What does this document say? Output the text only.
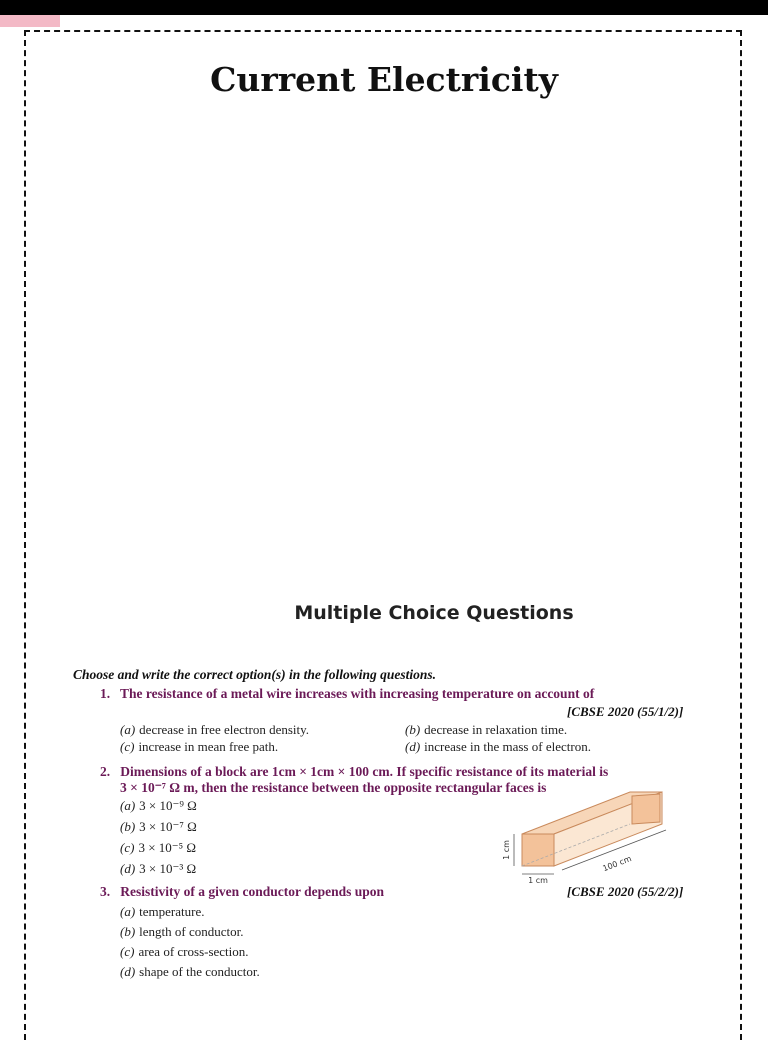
Current Electricity
Multiple Choice Questions
Choose and write the correct option(s) in the following questions.
1. The resistance of a metal wire increases with increasing temperature on account of
[CBSE 2020 (55/1/2)]
(a) decrease in free electron density.	(b) decrease in relaxation time.
(c) increase in mean free path.	(d) increase in the mass of electron.
2. Dimensions of a block are 1cm × 1cm × 100 cm. If specific resistance of its material is
3 × 10⁻⁷ Ω m, then the resistance between the opposite rectangular faces is
(a) 3 × 10⁻⁹ Ω
(b) 3 × 10⁻⁷ Ω
(c) 3 × 10⁻⁵ Ω
(d) 3 × 10⁻³ Ω
1 cm
1 cm
100 cm
3. Resistivity of a given conductor depends upon	[CBSE 2020 (55/2/2)]
(a) temperature.
(b) length of conductor.
(c) area of cross-section.
(d) shape of the conductor.
